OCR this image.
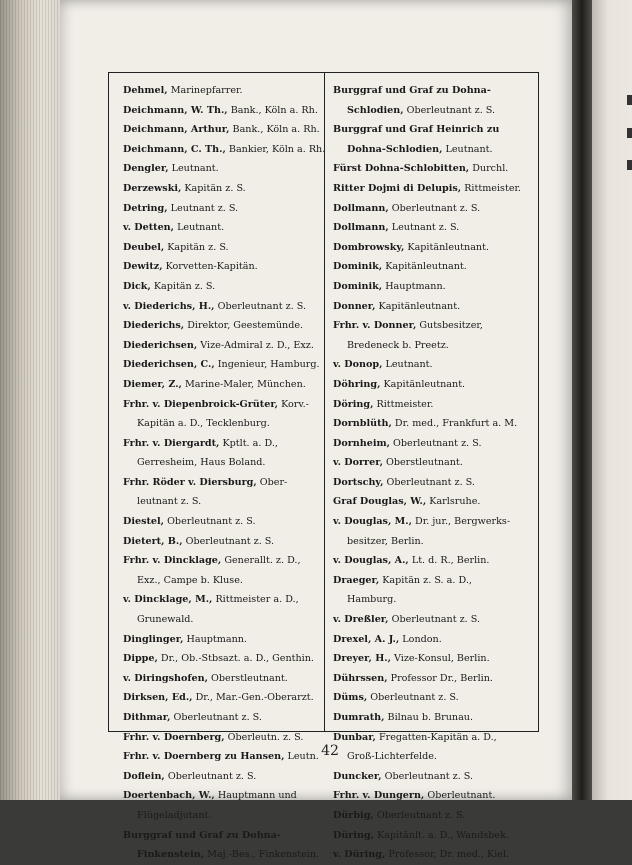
Dehmel, Marinepfarrer.
Deichmann, W. Th., Bank., Köln a. Rh.
Deichmann, Arthur, Bank., Köln a. Rh.
Deichmann, C. Th., Bankier, Köln a. Rh.
Dengler, Leutnant.
Derzewski, Kapitän z. S.
Detring, Leutnant z. S.
v. Detten, Leutnant.
Deubel, Kapitän z. S.
Dewitz, Korvetten-Kapitän.
Dick, Kapitän z. S.
v. Diederichs, H., Oberleutnant z. S.
Diederichs, Direktor, Geestemünde.
Diederichsen, Vize-Admiral z. D., Exz.
Diederichsen, C., Ingenieur, Hamburg.
Diemer, Z., Marine-Maler, München.
Frhr. v. Diepenbroick-Grüter, Korv.-
Kapitän a. D., Tecklenburg.
Frhr. v. Diergardt, Kptlt. a. D.,
Gerresheim, Haus Boland.
Frhr. Röder v. Diersburg, Ober-
leutnant z. S.
Diestel, Oberleutnant z. S.
Dietert, B., Oberleutnant z. S.
Frhr. v. Dincklage, Generallt. z. D.,
Exz., Campe b. Kluse.
v. Dincklage, M., Rittmeister a. D.,
Grunewald.
Dinglinger, Hauptmann.
Dippe, Dr., Ob.-Stbsazt. a. D., Genthin.
v. Diringshofen, Oberstleutnant.
Dirksen, Ed., Dr., Mar.-Gen.-Oberarzt.
Dithmar, Oberleutnant z. S.
Frhr. v. Doernberg, Oberleutn. z. S.
Frhr. v. Doernberg zu Hansen, Leutn.
Doflein, Oberleutnant z. S.
Doertenbach, W., Hauptmann und
Flügeladjutant.
Burggraf und Graf zu Dohna-
Finkenstein, Maj.-Bes., Finkenstein.
Burggraf und Graf zu Dohna-
Schlodien, Oberleutnant z. S.
Burggraf und Graf Heinrich zu
Dohna-Schlodien, Leutnant.
Fürst Dohna-Schlobitten, Durchl.
Ritter Dojmi di Delupis, Rittmeister.
Dollmann, Oberleutnant z. S.
Dollmann, Leutnant z. S.
Dombrowsky, Kapitänleutnant.
Dominik, Kapitänleutnant.
Dominik, Hauptmann.
Donner, Kapitänleutnant.
Frhr. v. Donner, Gutsbesitzer,
Bredeneck b. Preetz.
v. Donop, Leutnant.
Döhring, Kapitänleutnant.
Döring, Rittmeister.
Dornblüth, Dr. med., Frankfurt a. M.
Dornheim, Oberleutnant z. S.
v. Dorrer, Oberstleutnant.
Dortschy, Oberleutnant z. S.
Graf Douglas, W., Karlsruhe.
v. Douglas, M., Dr. jur., Bergwerks-
besitzer, Berlin.
v. Douglas, A., Lt. d. R., Berlin.
Draeger, Kapitän z. S. a. D.,
Hamburg.
v. Dreßler, Oberleutnant z. S.
Drexel, A. J., London.
Dreyer, H., Vize-Konsul, Berlin.
Dührssen, Professor Dr., Berlin.
Düms, Oberleutnant z. S.
Dumrath, Bilnau b. Brunau.
Dunbar, Fregatten-Kapitän a. D.,
Groß-Lichterfelde.
Duncker, Oberleutnant z. S.
Frhr. v. Dungern, Oberleutnant.
Dürbig, Oberleutnant z. S.
Düring, Kapitänlt. a. D., Wandsbek.
v. Düring, Professor, Dr. med., Kiel.
42
